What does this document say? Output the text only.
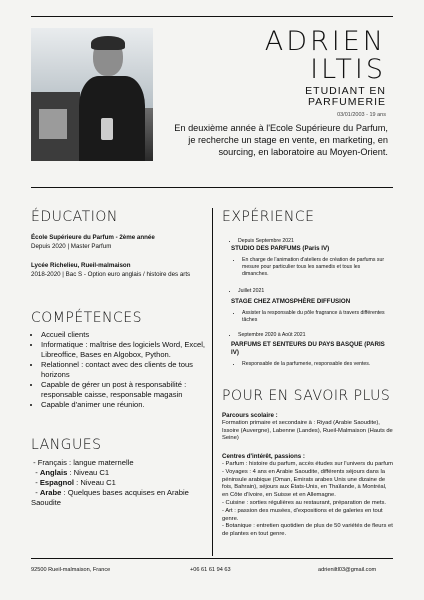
ADRIEN
ILTIS
ETUDIANT EN
PARFUMERIE
03/01/2003 - 19 ans
En deuxième année à l'Ecole Supérieure du Parfum, je recherche un stage en vente, en marketing, en sourcing, en laboratoire au Moyen-Orient.
ÉDUCATION
École Supérieure du Parfum - 2ème année
Depuis 2020 | Master Parfum
Lycée Richelieu, Rueil-malmaison
2018-2020 | Bac S - Option euro anglais / histoire des arts
COMPÉTENCES
• Accueil clients
• Informatique : maîtrise des logiciels Word, Excel, Libreoffice, Bases en Algobox, Python.
• Relationnel : contact avec des clients de tous horizons
• Capable de gérer un post à responsabilité : responsable caisse, responsable magasin
• Capable d'animer une réunion.
LANGUES
- Français : langue maternelle
- Anglais : Niveau C1
- Espagnol : Niveau C1
- Arabe : Quelques bases acquises en Arabie Saoudite
EXPÉRIENCE
• Depuis Septembre 2021
STUDIO DES PARFUMS (Paris IV)
• En charge de l'animation d'ateliers de création de parfums sur mesure pour particulier tous les samedis et tous les dimanches.
• Juillet 2021
STAGE CHEZ ATMOSPHÈRE DIFFUSION
• Assister la responsable du pôle fragrance à travers différentes tâches
• Septembre 2020 à Août 2021
PARFUMS ET SENTEURS DU PAYS BASQUE (PARIS IV)
• Responsable de la parfumerie, responsable des ventes.
POUR EN SAVOIR PLUS
Parcours scolaire :
Formation primaire et secondaire à : Riyad (Arabie Saoudite), Issoire (Auvergne), Labenne (Landes), Rueil-Malmaison (Hauts de Seine)
Centres d'intérêt, passions :
- Parfum : histoire du parfum, accès études sur l'univers du parfum
- Voyages : 4 ans en Arabie Saoudite, différents séjours dans la péninsule arabique (Oman, Emirats arabes Unis une dizaine de fois, Bahrain), séjours aux États-Unis, en Thaïlande, à Montréal, en Côte d'Ivoire, en Suisse et en Allemagne.
- Cuisine : sorties régulières au restaurant, préparation de mets.
- Art : passion des musées, d'expositions et de galeries en tout genre.
- Botanique : entretien quotidien de plus de 50 variétés de fleurs et de plantes en tout genre.
92500 Rueil-malmaison, France	+06 61 61 94 63	adrieniltl03@gmail.com
